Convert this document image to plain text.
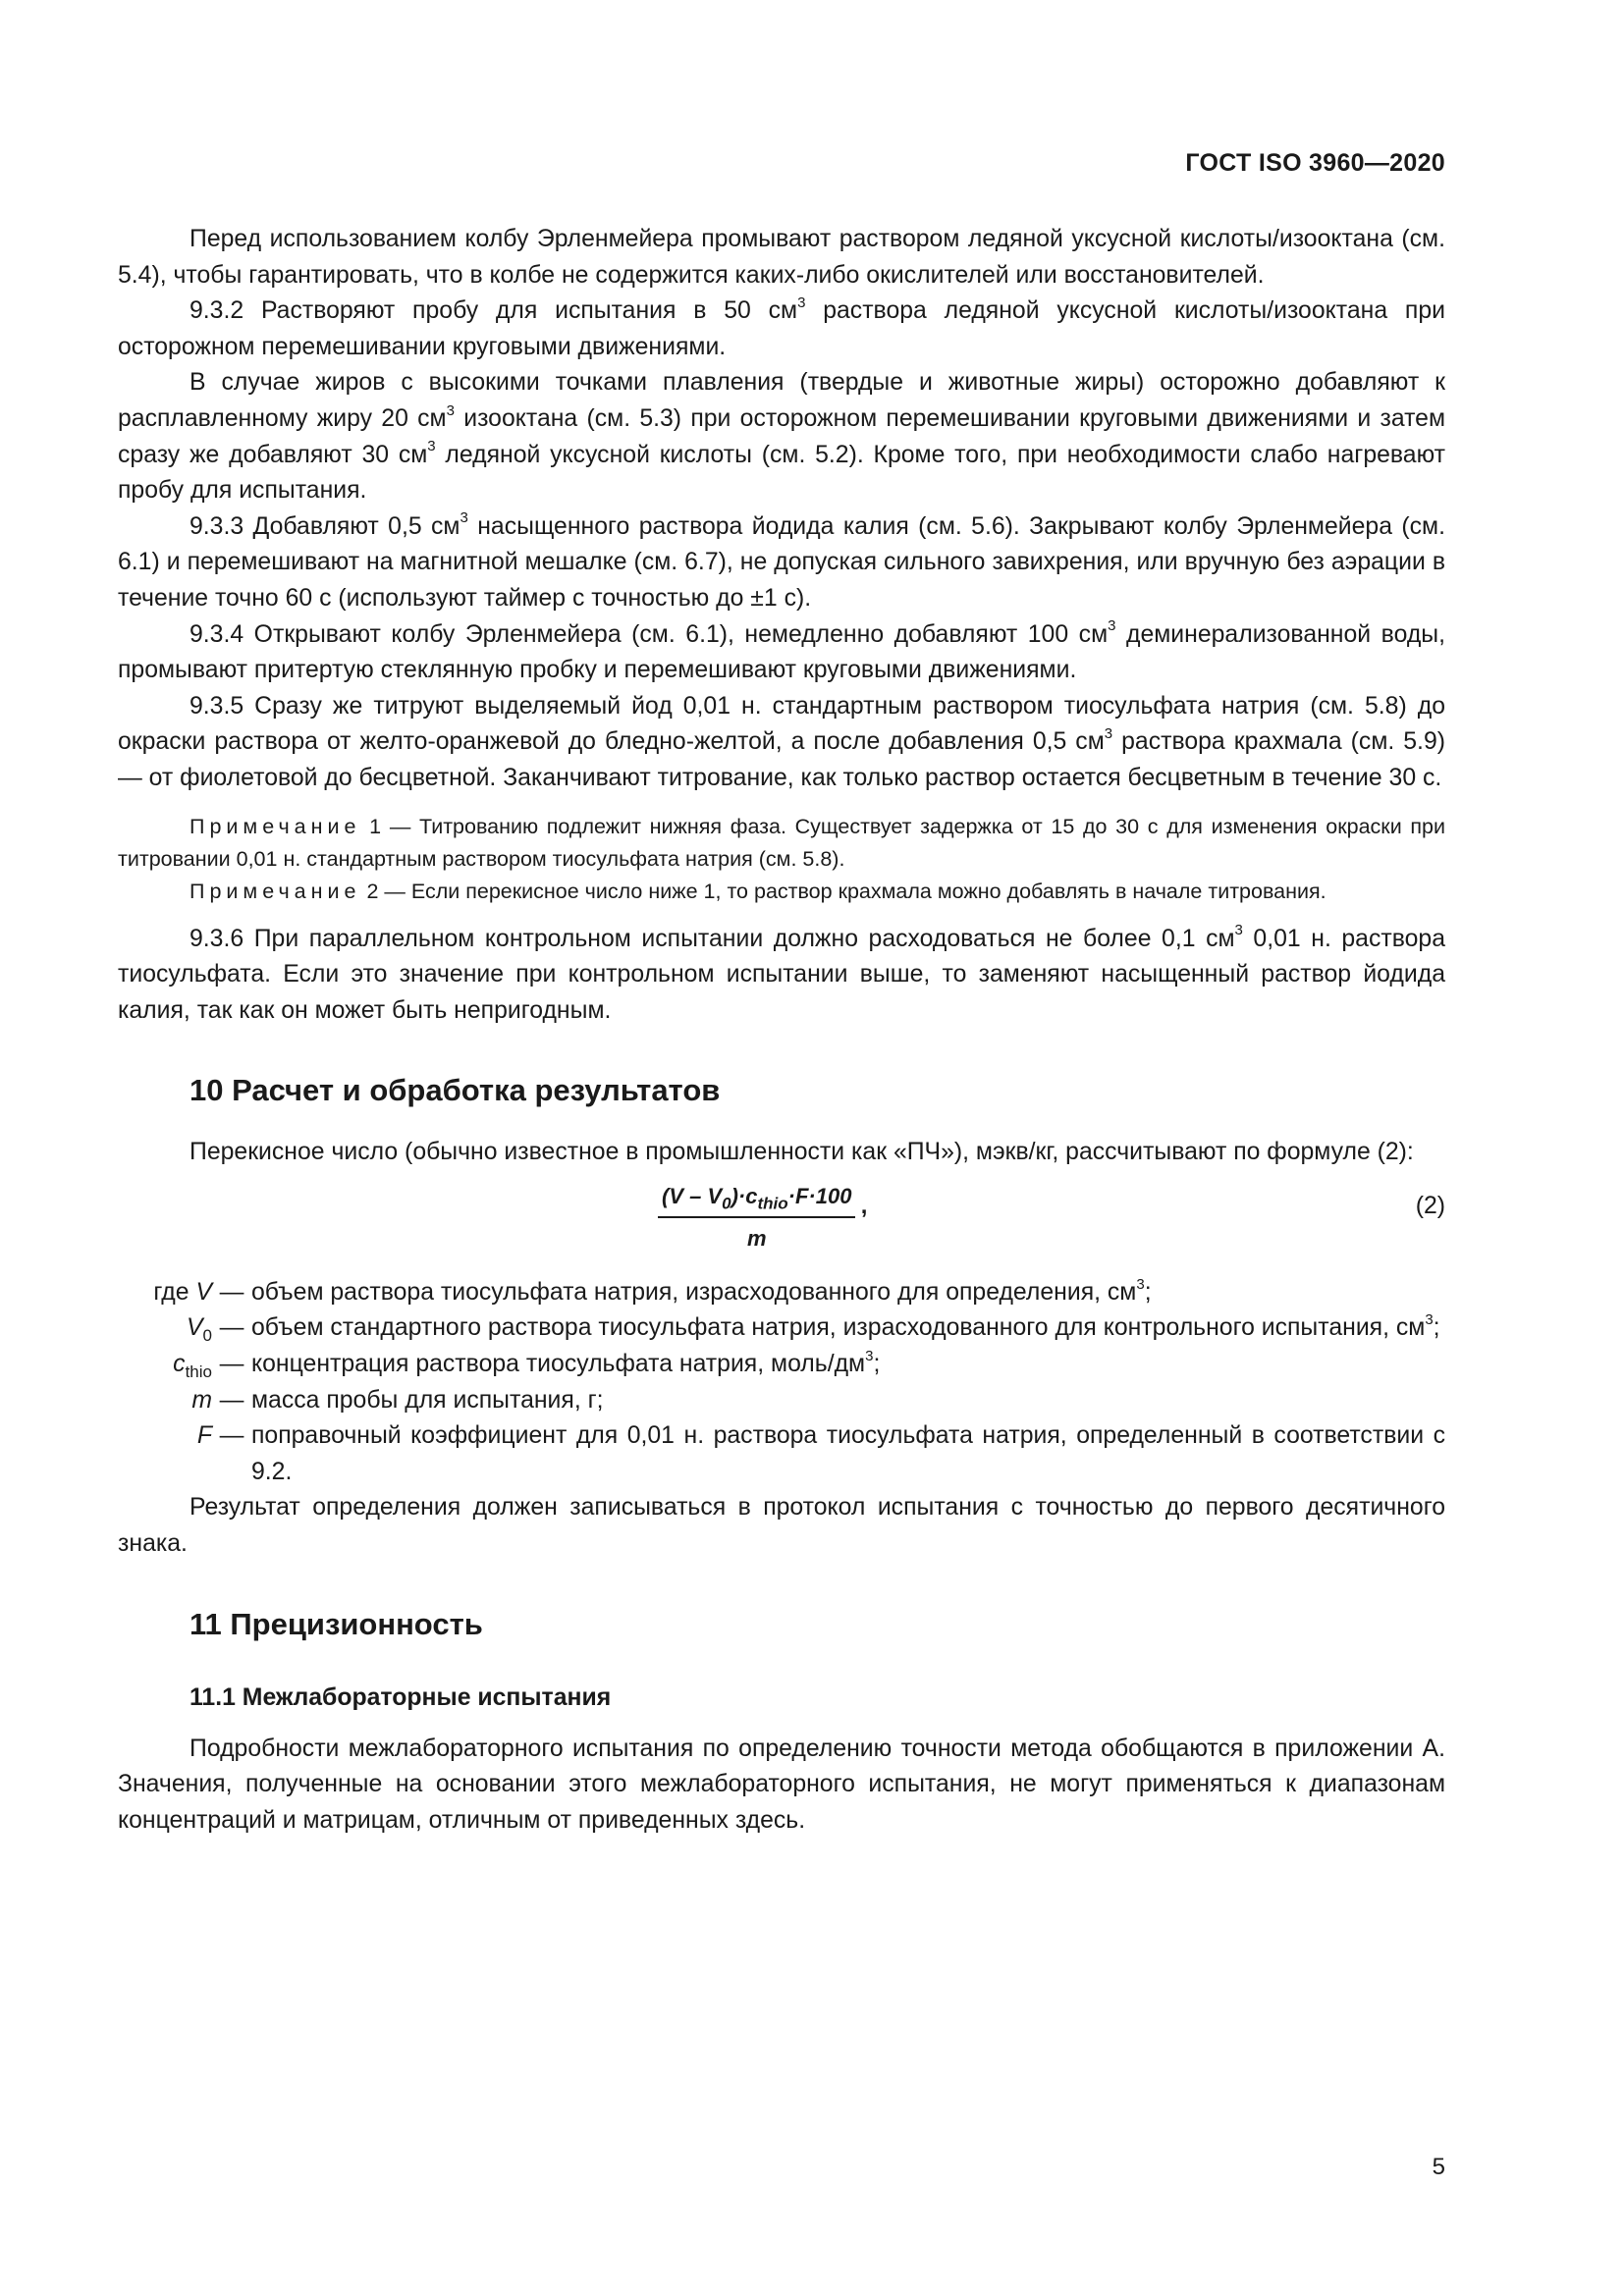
ГОСТ ISO 3960—2020

Перед использованием колбу Эрленмейера промывают раствором ледяной уксусной кислоты/изооктана (см. 5.4), чтобы гарантировать, что в колбе не содержится каких-либо окислителей или восстановителей.

9.3.2 Растворяют пробу для испытания в 50 $см^3$ раствора ледяной уксусной кислоты/изооктана при осторожном перемешивании круговыми движениями.

В случае жиров с высокими точками плавления (твердые и животные жиры) осторожно добавляют к расплавленному жиру 20 $см^3$ изооктана (см. 5.3) при осторожном перемешивании круговыми движениями и затем сразу же добавляют 30 $см^3$ ледяной уксусной кислоты (см. 5.2). Кроме того, при необходимости слабо нагревают пробу для испытания.

9.3.3 Добавляют 0,5 $см^3$ насыщенного раствора йодида калия (см. 5.6). Закрывают колбу Эрленмейера (см. 6.1) и перемешивают на магнитной мешалке (см. 6.7), не допуская сильного завихрения, или вручную без аэрации в течение точно 60 с (используют таймер с точностью до ±1 с).

9.3.4 Открывают колбу Эрленмейера (см. 6.1), немедленно добавляют 100 $см^3$ деминерализованной воды, промывают притертую стеклянную пробку и перемешивают круговыми движениями.

9.3.5 Сразу же титруют выделяемый йод 0,01 н. стандартным раствором тиосульфата натрия (см. 5.8) до окраски раствора от желто-оранжевой до бледно-желтой, а после добавления 0,5 $см^3$ раствора крахмала (см. 5.9) — от фиолетовой до бесцветной. Заканчивают титрование, как только раствор остается бесцветным в течение 30 с.

Примечание 1 — Титрованию подлежит нижняя фаза. Существует задержка от 15 до 30 с для изменения окраски при титровании 0,01 н. стандартным раствором тиосульфата натрия (см. 5.8).

Примечание 2 — Если перекисное число ниже 1, то раствор крахмала можно добавлять в начале титрования.

9.3.6 При параллельном контрольном испытании должно расходоваться не более 0,1 $см^3$ 0,01 н. раствора тиосульфата. Если это значение при контрольном испытании выше, то заменяют насыщенный раствор йодида калия, так как он может быть непригодным.

10 Расчет и обработка результатов

Перекисное число (обычно известное в промышленности как «ПЧ»), мэкв/кг, рассчитывают по формуле (2):

$(V - V_0)\cdot c_{thio}\cdot F\cdot 100$
m
,	(2)
где V	—	объем раствора тиосульфата натрия, израсходованного для определения, $см^3$;
$V_0$	—	объем стандартного раствора тиосульфата натрия, израсходованного для контрольного испытания, $см^3$;
$c_{thio}$	—	концентрация раствора тиосульфата натрия, моль/$дм^3$;
m	—	масса пробы для испытания, г;
F	—	поправочный коэффициент для 0,01 н. раствора тиосульфата натрия, определенный в соответствии с 9.2.

Результат определения должен записываться в протокол испытания с точностью до первого десятичного знака.

11 Прецизионность
11.1 Межлабораторные испытания

Подробности межлабораторного испытания по определению точности метода обобщаются в приложении А. Значения, полученные на основании этого межлабораторного испытания, не могут применяться к диапазонам концентраций и матрицам, отличным от приведенных здесь.

5
